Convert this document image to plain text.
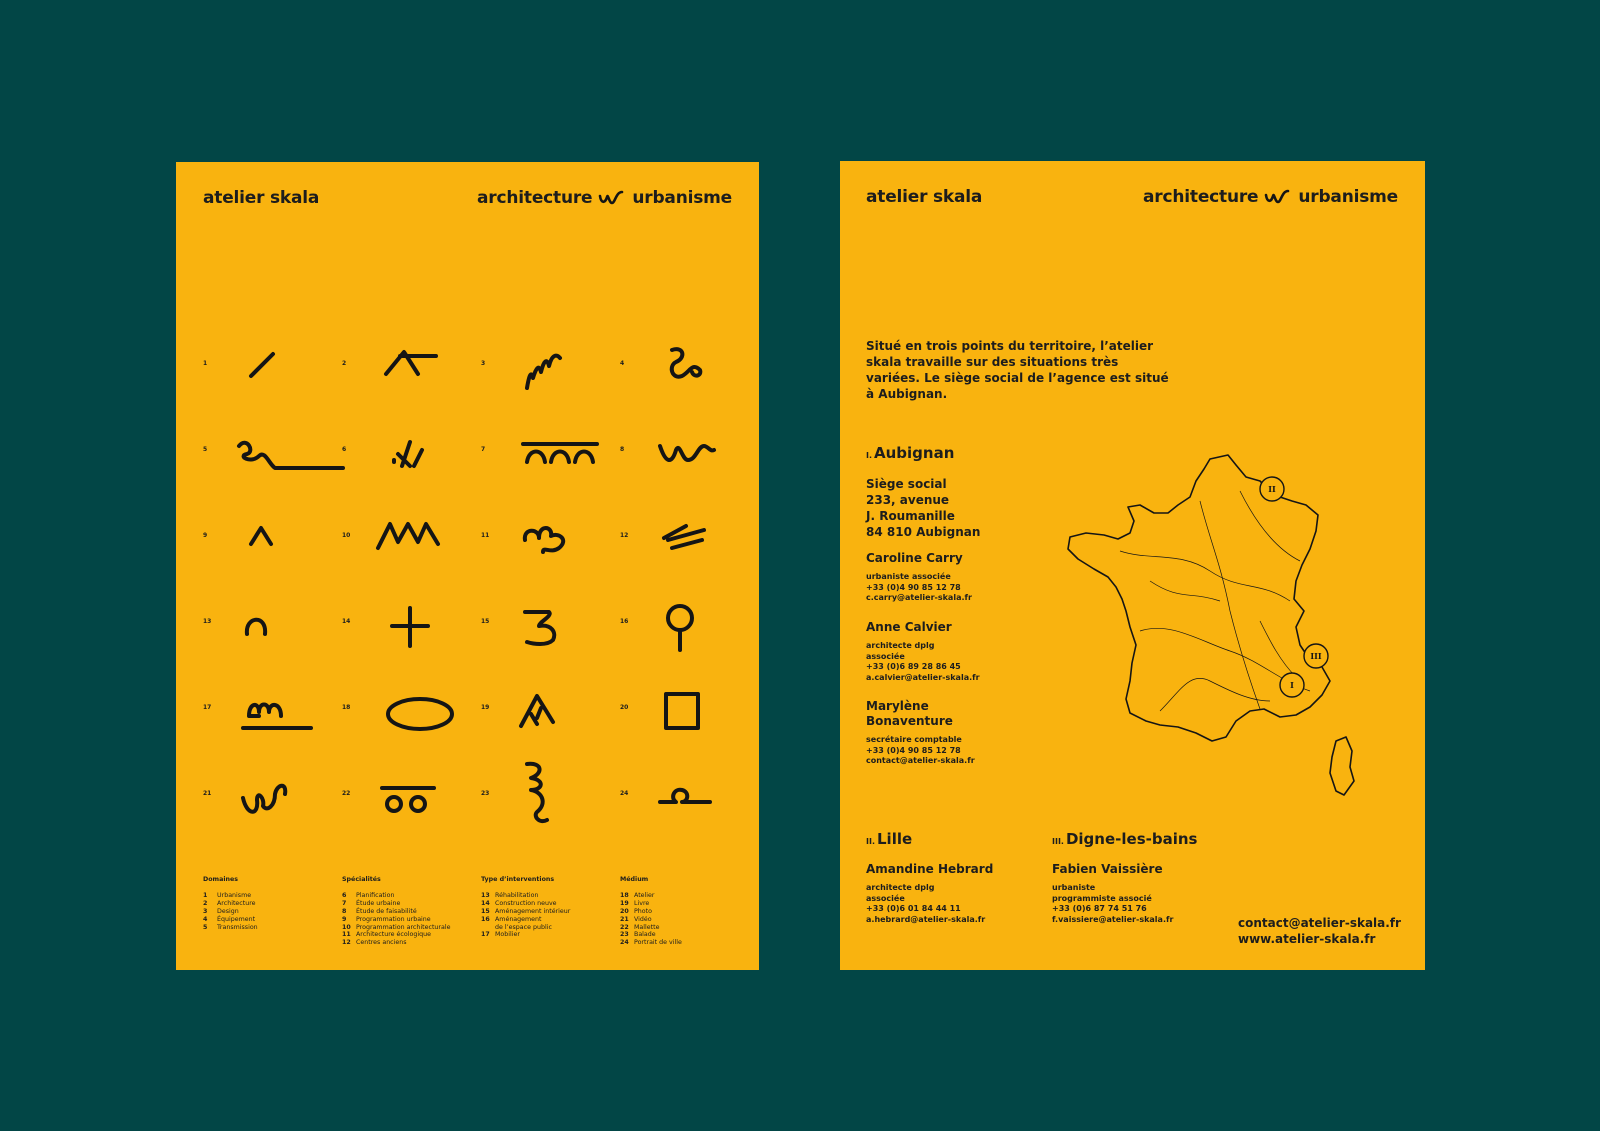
atelier skala	architecture urbanisme
1	2	3	4
5	6	7	8
9	10	11	12
13	14	15	16
17	18	19	20
21	22	23	24
Domaines
1	Urbanisme
2	Architecture
3	Design
4	Équipement
5	Transmission
Spécialités
6	Planification
7	Étude urbaine
8	Étude de faisabilité
9	Programmation urbaine
10 Programmation architecturale
11 Architecture écologique
12 Centres anciens
Type d’interventions
13 Réhabilitation
14 Construction neuve
15 Aménagement intérieur
16 Aménagement
de l’espace public
17 Mobilier
Médium
18 Atelier
19 Livre
20 Photo
21 Vidéo
22 Mallette
23 Balade
24 Portrait de ville
atelier skala	architecture urbanisme
Situé en trois points du territoire, l’atelier skala travaille sur des situations très variées. Le siège social de l’agence est situé à Aubignan.
I. Aubignan
Siège social
233, avenue
J. Roumanille
84 810 Aubignan
Caroline Carry
urbaniste associée
+33 (0)4 90 85 12 78
c.carry@atelier-skala.fr
Anne Calvier
architecte dplg
associée
+33 (0)6 89 28 86 45
a.calvier@atelier-skala.fr
Marylène
Bonaventure
secrétaire comptable
+33 (0)4 90 85 12 78
contact@atelier-skala.fr
II. Lille
Amandine Hebrard
architecte dplg
associée
+33 (0)6 01 84 44 11
a.hebrard@atelier-skala.fr
III. Digne-les-bains
Fabien Vaissière
urbaniste
programmiste associé
+33 (0)6 87 74 51 76
f.vaissiere@atelier-skala.fr	contact@atelier-skala.fr
www.atelier-skala.fr
II
III
I
